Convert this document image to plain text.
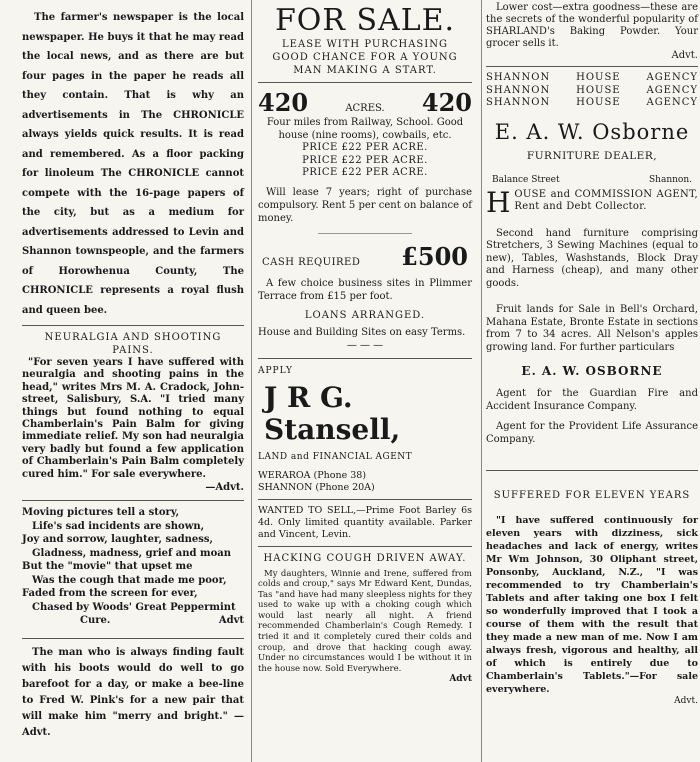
The farmer's newspaper is the local newspaper. He buys it that he may read the local news, and as there are but four pages in the paper he reads all they contain. That is why an advertisements in The CHRONICLE always yields quick results. It is read and remembered. As a floor packing for linoleum The CHRONICLE cannot compete with the 16-page papers of the city, but as a medium for advertisements addressed to Levin and Shannon townspeople, and the farmers of Horowhenua County, The CHRONICLE represents a royal flush and queen bee.

NEURALGIA AND SHOOTING PAINS.

"For seven years I have suffered with neuralgia and shooting pains in the head," writes Mrs M. A. Cradock, John-street, Salisbury, S.A. "I tried many things but found nothing to equal Chamberlain's Pain Balm for giving immediate relief. My son had neuralgia very badly but found a few application of Chamberlain's Pain Balm completely cured him." For sale everywhere.

—Advt.

Moving pictures tell a story,

Life's sad incidents are shown,

Joy and sorrow, laughter, sadness,

Gladness, madness, grief and moan

But the "movie" that upset me

Was the cough that made me poor,

Faded from the screen for ever,

Chased by Woods' Great Peppermint

Cure.	Advt

The man who is always finding fault with his boots would do well to go barefoot for a day, or make a bee-line to Fred W. Pink's for a new pair that will make him "merry and bright." —Advt.

FOR SALE.

LEASE WITH PURCHASING

GOOD CHANCE FOR A YOUNG

MAN MAKING A START.

420	ACRES. 420

Four miles from Railway, School. Good house (nine rooms), cowbails, etc.

PRICE £22 PER ACRE.

PRICE £22 PER ACRE.

PRICE £22 PER ACRE.

Will lease 7 years; right of purchase compulsory. Rent 5 per cent on balance of money.

CASH REQUIRED £500

A few choice business sites in Plimmer Terrace from £15 per foot.

LOANS ARRANGED.

House and Building Sites on easy Terms.

— — —

APPLY

J R G. Stansell,

LAND and FINANCIAL AGENT

WERAROA (Phone 38)

SHANNON (Phone 20A)

WANTED TO SELL,—Prime Foot Barley 6s 4d. Only limited quantity available. Parker and Vincent, Levin.

HACKING COUGH DRIVEN AWAY.

My daughters, Winnie and Irene, suffered from colds and croup," says Mr Edward Kent, Dundas, Tas "and have had many sleepless nights for they used to wake up with a choking cough which would last nearly all night. A friend recommended Chamberlain's Cough Remedy. I tried it and it completely cured their colds and croup, and drove that hacking cough away. Under no circumstances would I be without it in the house now. Sold Everywhere.

Advt

Lower cost—extra goodness—these are the secrets of the wonderful popularity of SHARLAND's Baking Powder. Your grocer sells it.

Advt.

SHANNON	HOUSE	AGENCY
SHANNON	HOUSE	AGENCY
SHANNON	HOUSE	AGENCY

E. A. W. Osborne

FURNITURE DEALER,

Balance Street	Shannon.
H OUSE and COMMISSION AGENT, Rent and Debt Collector.

Second hand furniture comprising Stretchers, 3 Sewing Machines (equal to new), Tables, Washstands, Block Dray and Harness (cheap), and many other goods.

Fruit lands for Sale in Bell's Orchard, Mahana Estate, Bronte Estate in sections from 7 to 34 acres. All Nelson's apples growing land. For further particulars

E. A. W. OSBORNE

Agent for the Guardian Fire and Accident Insurance Company.

Agent for the Provident Life Assurance Company.

SUFFERED FOR ELEVEN YEARS

"I have suffered continuously for eleven years with dizziness, sick headaches and lack of energy, writes Mr Wm Johnson, 30 Oliphant street, Ponsonby, Auckland, N.Z., "I was recommended to try Chamberlain's Tablets and after taking one box I felt so wonderfully improved that I took a course of them with the result that they made a new man of me. Now I am always fresh, vigorous and healthy, all of which is entirely due to Chamberlain's Tablets."—For sale everywhere.

Advt.
